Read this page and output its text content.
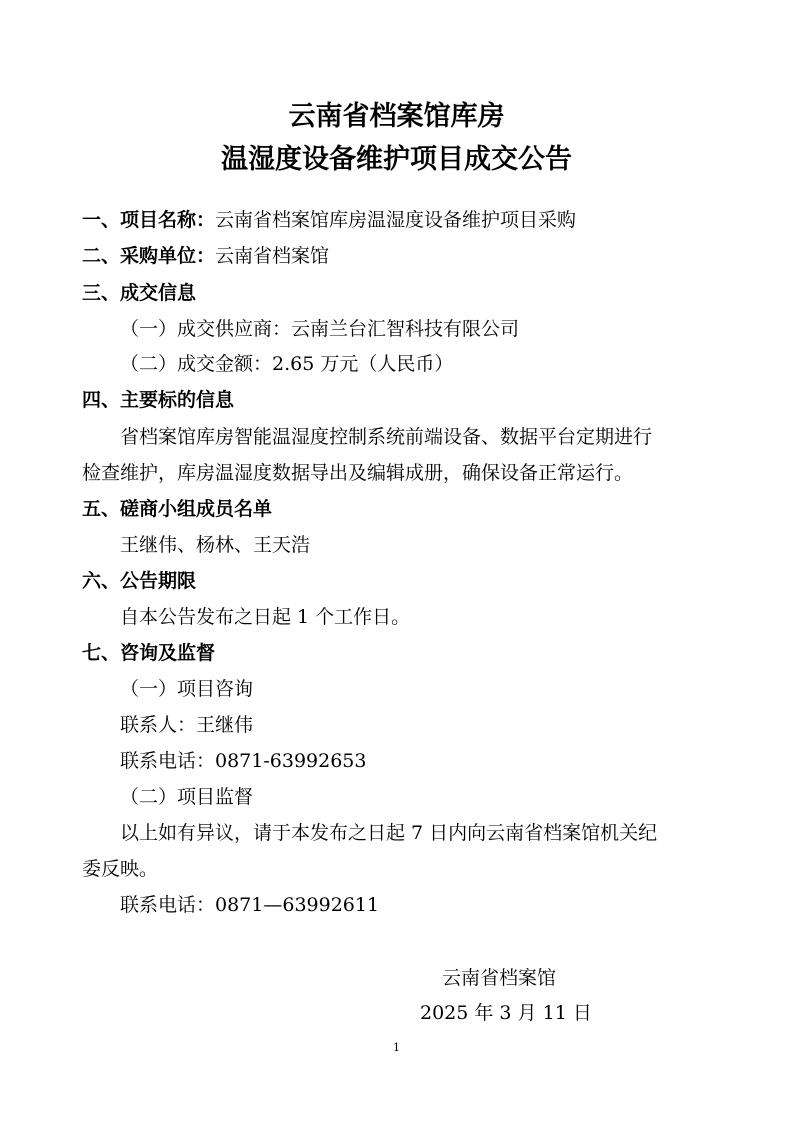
云南省档案馆库房
温湿度设备维护项目成交公告
一、项目名称：云南省档案馆库房温湿度设备维护项目采购
二、采购单位：云南省档案馆
三、成交信息
（一）成交供应商：云南兰台汇智科技有限公司
（二）成交金额：2.65 万元（人民币）
四、主要标的信息
省档案馆库房智能温湿度控制系统前端设备、数据平台定期进行
检查维护，库房温湿度数据导出及编辑成册，确保设备正常运行。
五、磋商小组成员名单
王继伟、杨林、王天浩
六、公告期限
自本公告发布之日起 1 个工作日。
七、咨询及监督
（一）项目咨询
联系人：王继伟
联系电话：0871-63992653
（二）项目监督
以上如有异议，请于本发布之日起 7 日内向云南省档案馆机关纪
委反映。
联系电话：0871—63992611
云南省档案馆
2025 年 3 月 11 日
1
